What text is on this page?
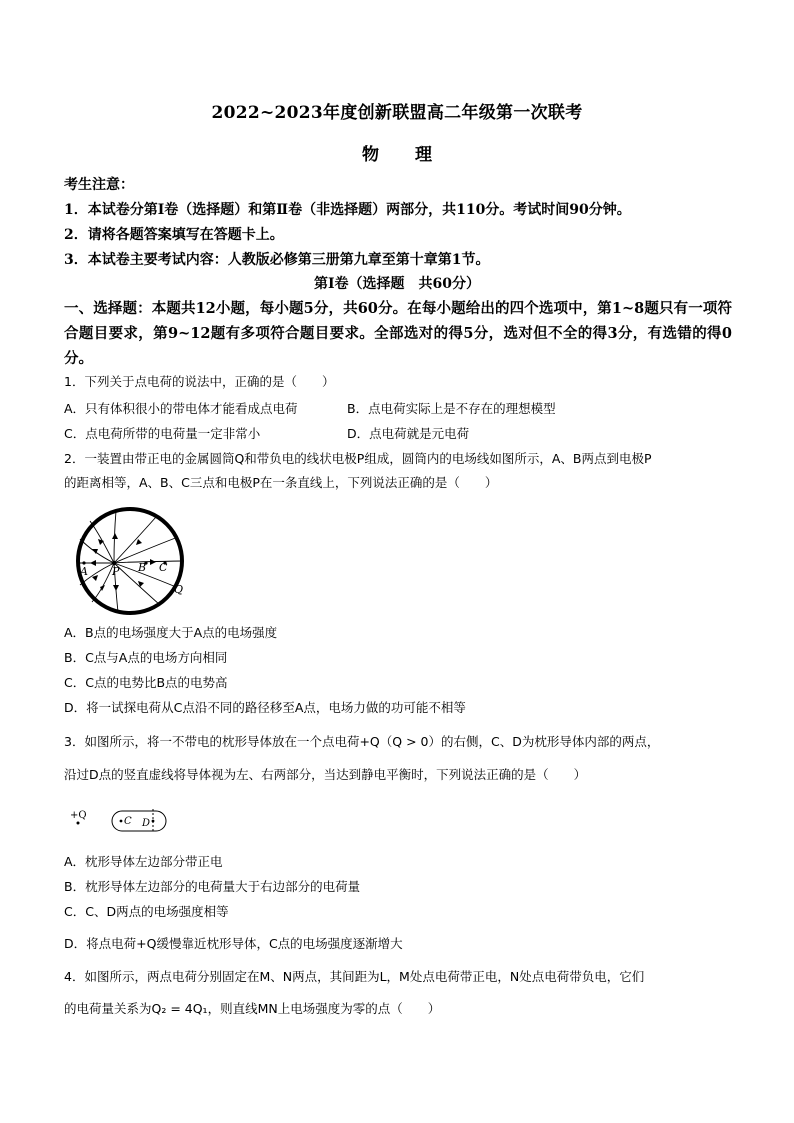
2022~2023年度创新联盟高二年级第一次联考
物 理
考生注意：
1．本试卷分第Ⅰ卷（选择题）和第Ⅱ卷（非选择题）两部分，共110分。考试时间90分钟。
2．请将各题答案填写在答题卡上。
3．本试卷主要考试内容：人教版必修第三册第九章至第十章第1节。
第Ⅰ卷（选择题　共60分）
一、选择题：本题共12小题，每小题5分，共60分。在每小题给出的四个选项中，第1~8题只有一项符合题目要求，第9~12题有多项符合题目要求。全部选对的得5分，选对但不全的得3分，有选错的得0分。
1．下列关于点电荷的说法中，正确的是（　　）
A．只有体积很小的带电体才能看成点电荷	B．点电荷实际上是不存在的理想模型
C．点电荷所带的电荷量一定非常小	D．点电荷就是元电荷
2．一装置由带正电的金属圆筒Q和带负电的线状电极P组成，圆筒内的电场线如图所示，A、B两点到电极P
的距离相等，A、B、C三点和电极P在一条直线上，下列说法正确的是（　　）
A P B C
Q
A．B点的电场强度大于A点的电场强度
B．C点与A点的电场方向相同
C．C点的电势比B点的电势高
D．将一试探电荷从C点沿不同的路径移至A点，电场力做的功可能不相等
3．如图所示，将一不带电的枕形导体放在一个点电荷+Q（Q > 0）的右侧，C、D为枕形导体内部的两点，
沿过D点的竖直虚线将导体视为左、右两部分，当达到静电平衡时，下列说法正确的是（　　）
+Q
C D
A．枕形导体左边部分带正电
B．枕形导体左边部分的电荷量大于右边部分的电荷量
C．C、D两点的电场强度相等
D．将点电荷+Q缓慢靠近枕形导体，C点的电场强度逐渐增大
4．如图所示，两点电荷分别固定在M、N两点，其间距为L，M处点电荷带正电，N处点电荷带负电，它们
的电荷量关系为Q₂ = 4Q₁，则直线MN上电场强度为零的点（　　）
